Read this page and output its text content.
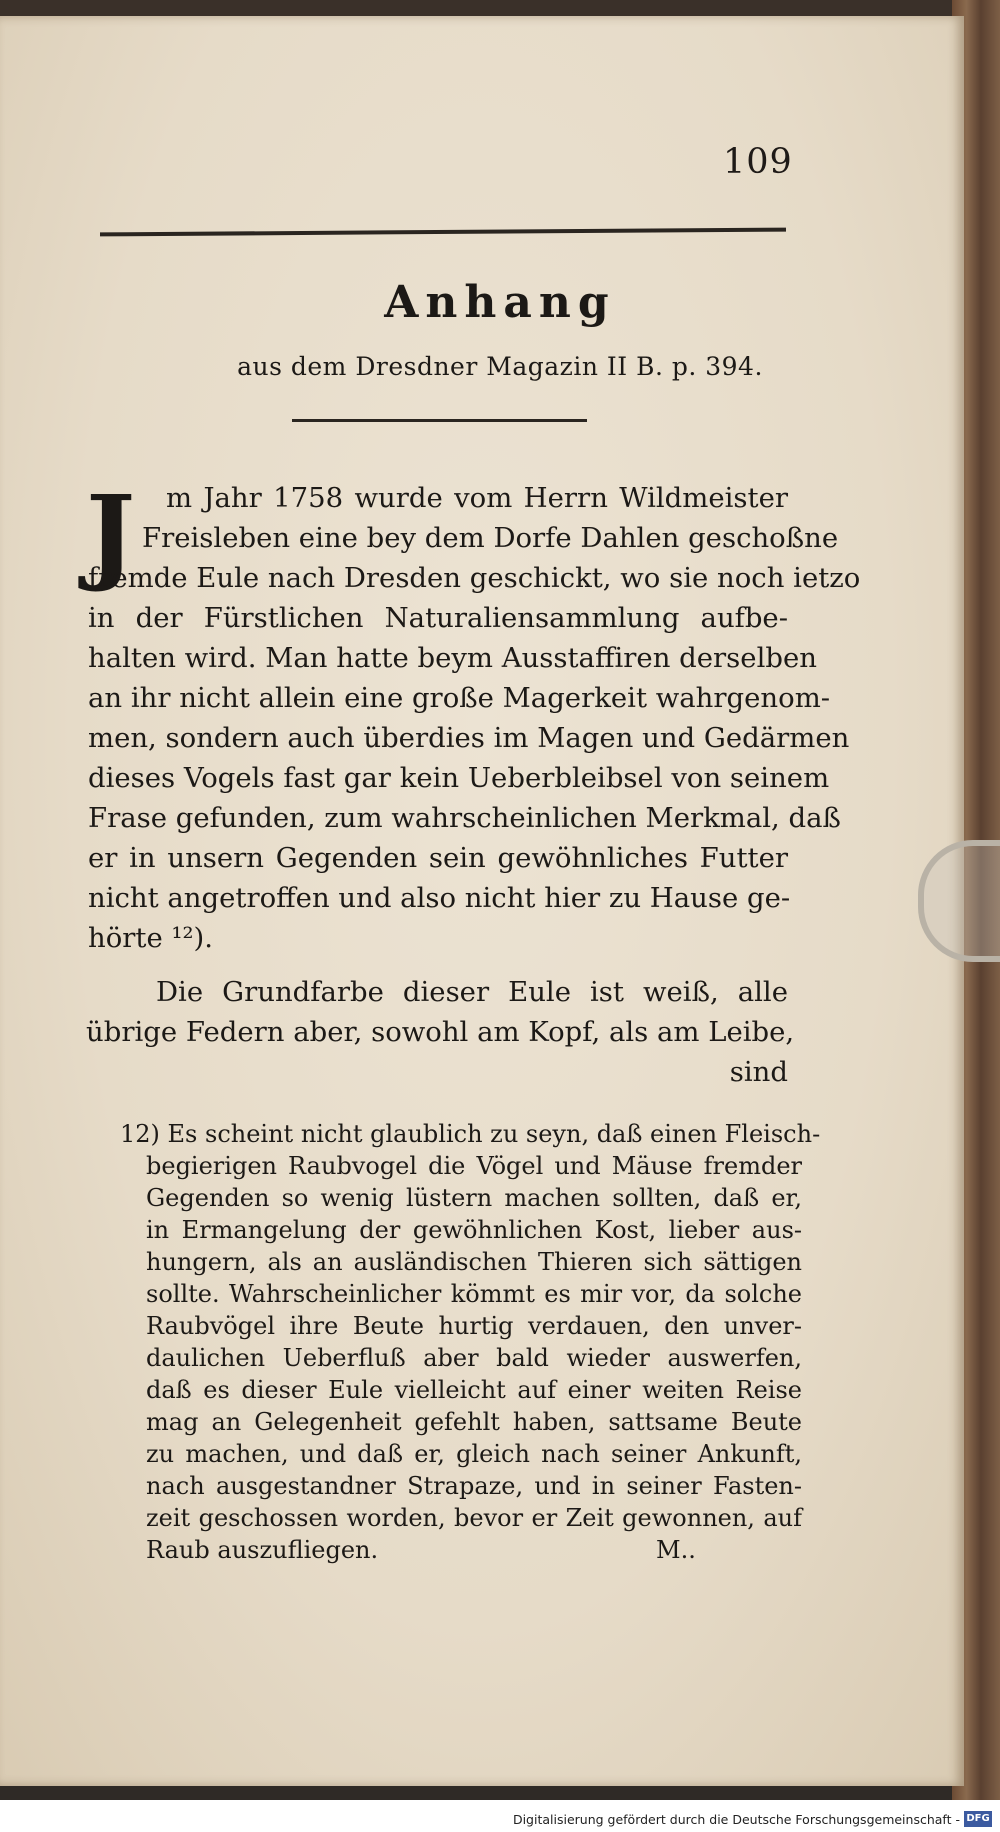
109
Anhang
aus dem Dresdner Magazin II B. p. 394.
J	m Jahr 1758 wurde vom Herrn Wildmeister
Freisleben eine bey dem Dorfe Dahlen geschoßne
fremde Eule nach Dresden geschickt, wo sie noch ietzo
in der Fürstlichen Naturaliensammlung aufbe-
halten wird. Man hatte beym Ausstaffiren derselben
an ihr nicht allein eine große Magerkeit wahrgenom-
men, sondern auch überdies im Magen und Gedärmen
dieses Vogels fast gar kein Ueberbleibsel von seinem
Frase gefunden, zum wahrscheinlichen Merkmal, daß
er in unsern Gegenden sein gewöhnliches Futter
nicht angetroffen und also nicht hier zu Hause ge-
hörte ¹²).
Die Grundfarbe dieser Eule ist weiß, alle
übrige Federn aber, sowohl am Kopf, als am Leibe,
sind
12) Es scheint nicht glaublich zu seyn, daß einen Fleisch-
begierigen Raubvogel die Vögel und Mäuse fremder
Gegenden so wenig lüstern machen sollten, daß er,
in Ermangelung der gewöhnlichen Kost, lieber aus-
hungern, als an ausländischen Thieren sich sättigen
sollte. Wahrscheinlicher kömmt es mir vor, da solche
Raubvögel ihre Beute hurtig verdauen, den unver-
daulichen Ueberfluß aber bald wieder auswerfen,
daß es dieser Eule vielleicht auf einer weiten Reise
mag an Gelegenheit gefehlt haben, sattsame Beute
zu machen, und daß er, gleich nach seiner Ankunft,
nach ausgestandner Strapaze, und in seiner Fasten-
zeit geschossen worden, bevor er Zeit gewonnen, auf
Raub auszufliegen.	M..
Digitalisierung gefördert durch die Deutsche Forschungsgemeinschaft - DFG
